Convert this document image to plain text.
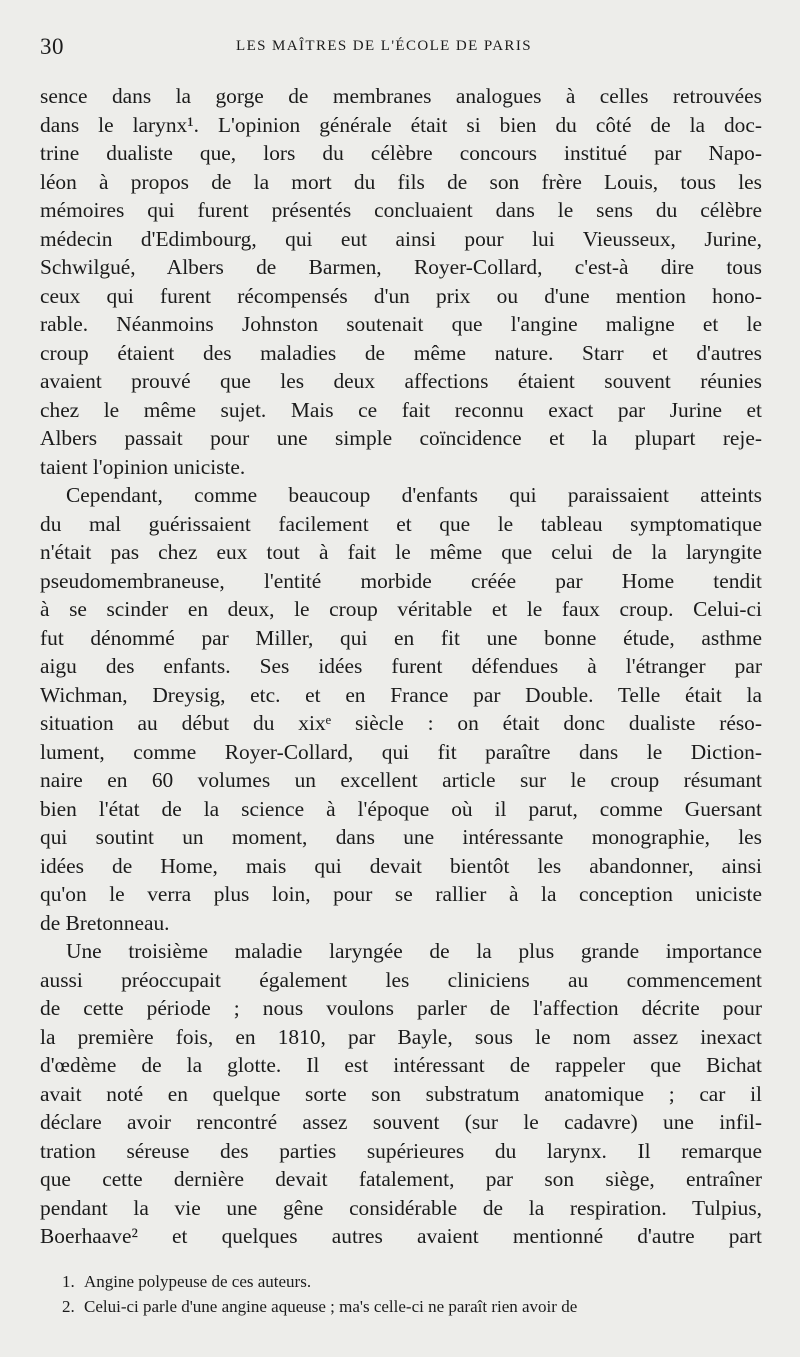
30	LES MAÎTRES DE L'ÉCOLE DE PARIS
sence dans la gorge de membranes analogues à celles retrouvées
dans le larynx¹. L'opinion générale était si bien du côté de la doc-
trine dualiste que, lors du célèbre concours institué par Napo-
léon à propos de la mort du fils de son frère Louis, tous les
mémoires qui furent présentés concluaient dans le sens du célèbre
médecin d'Edimbourg, qui eut ainsi pour lui Vieusseux, Jurine,
Schwilgué, Albers de Barmen, Royer-Collard, c'est-à dire tous
ceux qui furent récompensés d'un prix ou d'une mention hono-
rable. Néanmoins Johnston soutenait que l'angine maligne et le
croup étaient des maladies de même nature. Starr et d'autres
avaient prouvé que les deux affections étaient souvent réunies
chez le même sujet. Mais ce fait reconnu exact par Jurine et
Albers passait pour une simple coïncidence et la plupart reje-
taient l'opinion uniciste.
Cependant, comme beaucoup d'enfants qui paraissaient atteints
du mal guérissaient facilement et que le tableau symptomatique
n'était pas chez eux tout à fait le même que celui de la laryngite
pseudomembraneuse, l'entité morbide créée par Home tendit
à se scinder en deux, le croup véritable et le faux croup. Celui-ci
fut dénommé par Miller, qui en fit une bonne étude, asthme
aigu des enfants. Ses idées furent défendues à l'étranger par
Wichman, Dreysig, etc. et en France par Double. Telle était la
situation au début du xixᵉ siècle : on était donc dualiste réso-
lument, comme Royer-Collard, qui fit paraître dans le Diction-
naire en 60 volumes un excellent article sur le croup résumant
bien l'état de la science à l'époque où il parut, comme Guersant
qui soutint un moment, dans une intéressante monographie, les
idées de Home, mais qui devait bientôt les abandonner, ainsi
qu'on le verra plus loin, pour se rallier à la conception uniciste
de Bretonneau.
Une troisième maladie laryngée de la plus grande importance
aussi préoccupait également les cliniciens au commencement
de cette période ; nous voulons parler de l'affection décrite pour
la première fois, en 1810, par Bayle, sous le nom assez inexact
d'œdème de la glotte. Il est intéressant de rappeler que Bichat
avait noté en quelque sorte son substratum anatomique ; car il
déclare avoir rencontré assez souvent (sur le cadavre) une infil-
tration séreuse des parties supérieures du larynx. Il remarque
que cette dernière devait fatalement, par son siège, entraîner
pendant la vie une gêne considérable de la respiration. Tulpius,
Boerhaave² et quelques autres avaient mentionné d'autre part
1. Angine polypeuse de ces auteurs.
2. Celui-ci parle d'une angine aqueuse ; ma's celle-ci ne paraît rien avoir de
